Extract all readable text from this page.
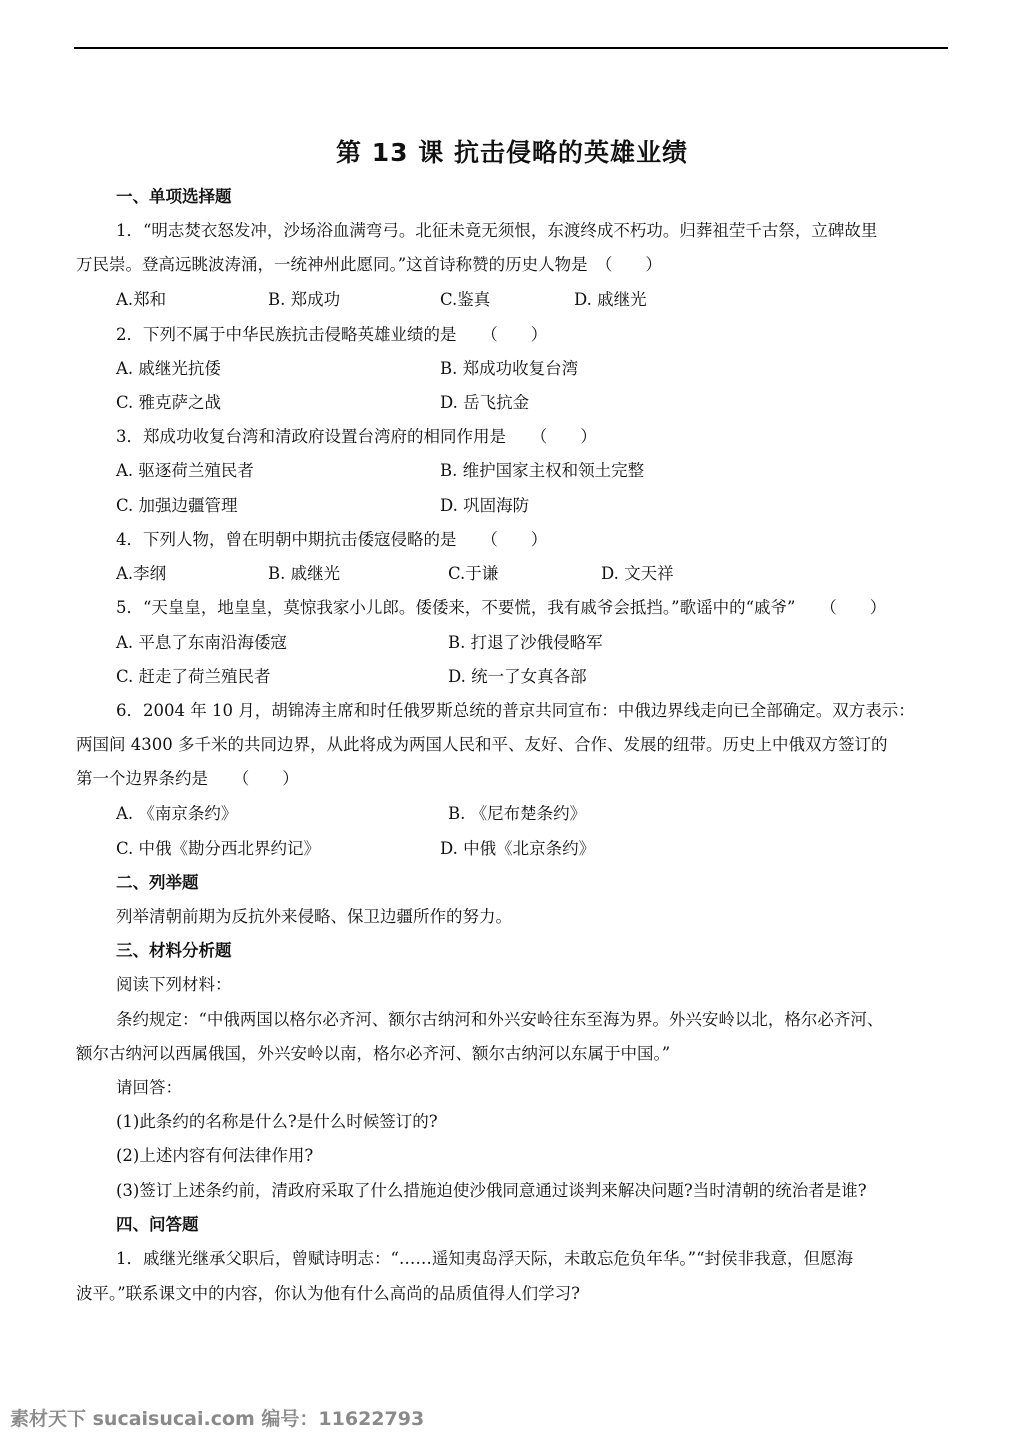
第 13 课 抗击侵略的英雄业绩
一、单项选择题
1．“明志焚衣怒发冲，沙场浴血满弯弓。北征未竟无须恨，东渡终成不朽功。归葬祖茔千古祭，立碑故里
万民崇。登高远眺波涛涌，一统神州此愿同。”这首诗称赞的历史人物是　（　　）
A.郑和	B. 郑成功	C.鉴真	D. 戚继光
2．下列不属于中华民族抗击侵略英雄业绩的是　　（　　）
A. 戚继光抗倭	B. 郑成功收复台湾
C. 雅克萨之战	D. 岳飞抗金
3．郑成功收复台湾和清政府设置台湾府的相同作用是　　（　　）
A. 驱逐荷兰殖民者	B. 维护国家主权和领土完整
C. 加强边疆管理	D. 巩固海防
4．下列人物，曾在明朝中期抗击倭寇侵略的是　　（　　）
A.李纲	B. 戚继光	C.于谦	D. 文天祥
5．“天皇皇，地皇皇，莫惊我家小儿郎。倭倭来，不要慌，我有戚爷会抵挡。”歌谣中的“戚爷”　　（　　）
A. 平息了东南沿海倭寇	B. 打退了沙俄侵略军
C. 赶走了荷兰殖民者	D. 统一了女真各部
6．2004 年 10 月，胡锦涛主席和时任俄罗斯总统的普京共同宣布：中俄边界线走向已全部确定。双方表示：
两国间 4300 多千米的共同边界，从此将成为两国人民和平、友好、合作、发展的纽带。历史上中俄双方签订的
第一个边界条约是　　（　　）
A. 《南京条约》	B. 《尼布楚条约》
C. 中俄《勘分西北界约记》	D. 中俄《北京条约》
二、列举题
列举清朝前期为反抗外来侵略、保卫边疆所作的努力。
三、材料分析题
阅读下列材料：
条约规定：“中俄两国以格尔必齐河、额尔古纳河和外兴安岭往东至海为界。外兴安岭以北，格尔必齐河、
额尔古纳河以西属俄国，外兴安岭以南，格尔必齐河、额尔古纳河以东属于中国。”
请回答：
(1)此条约的名称是什么?是什么时候签订的?
(2)上述内容有何法律作用?
(3)签订上述条约前，清政府采取了什么措施迫使沙俄同意通过谈判来解决问题?当时清朝的统治者是谁?
四、问答题
1．戚继光继承父职后，曾赋诗明志：“……遥知夷岛浮天际，未敢忘危负年华。”“封侯非我意，但愿海
波平。”联系课文中的内容，你认为他有什么高尚的品质值得人们学习?
素材天下 sucaisucai.com 编号：11622793
